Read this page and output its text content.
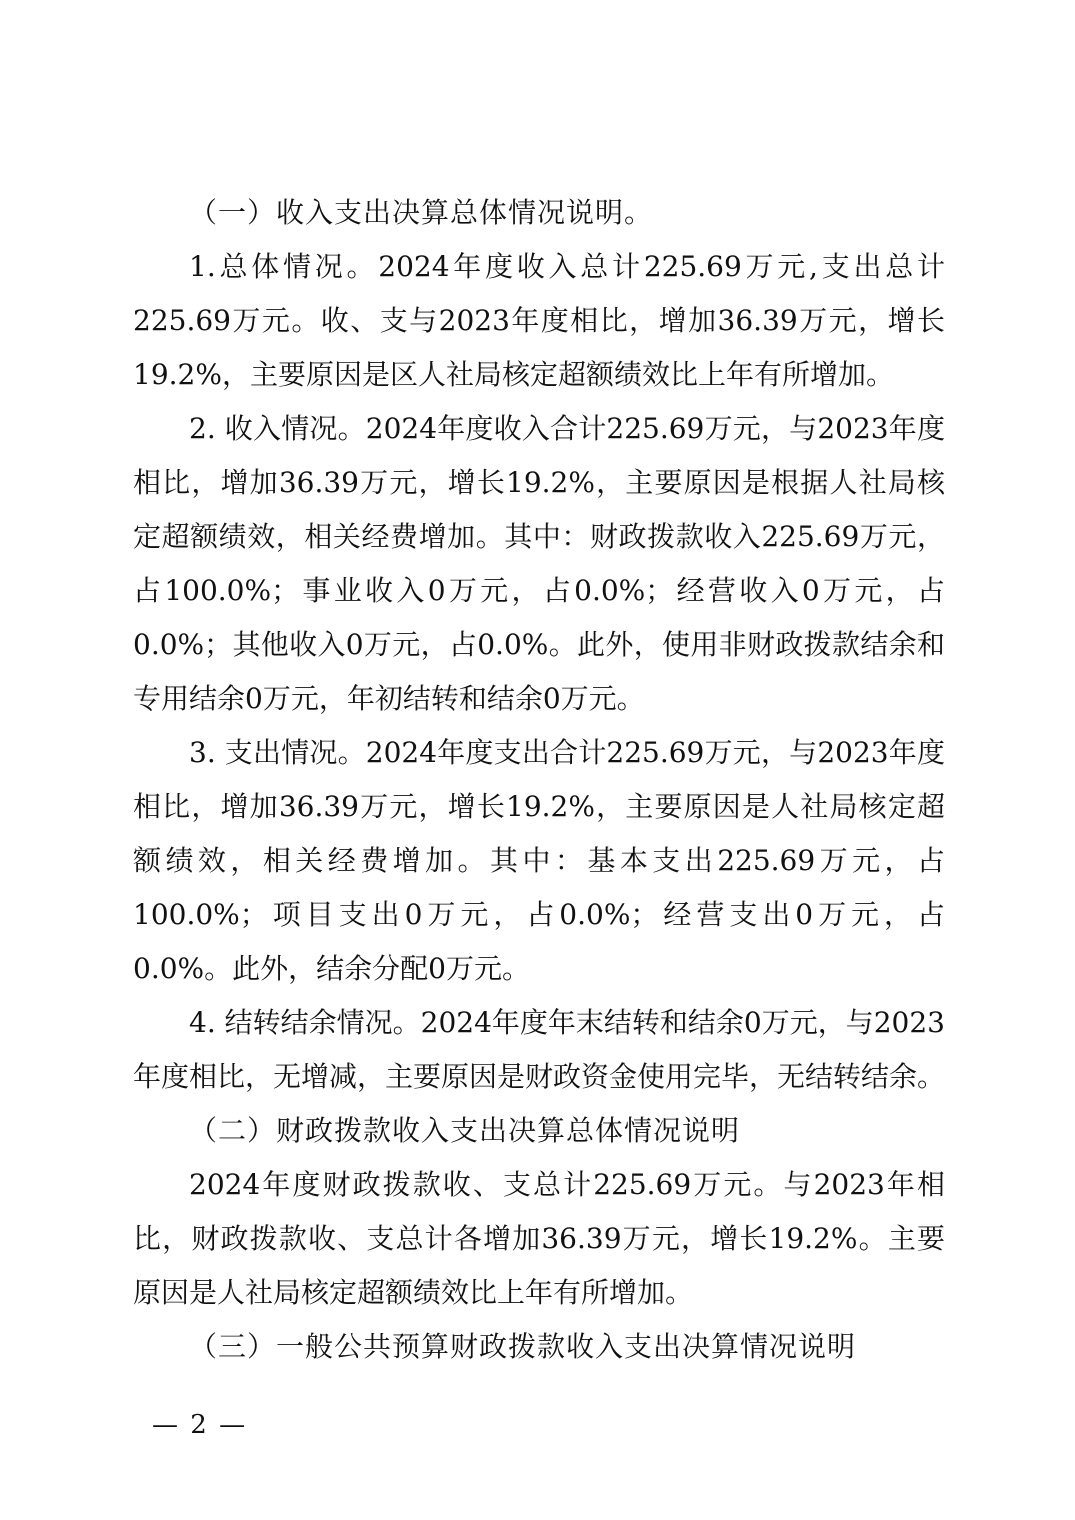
（一）收入支出决算总体情况说明。

1.总体情况。2024年度收入总计225.69万元,支出总计225.69万元。收、支与2023年度相比，增加36.39万元，增长19.2%，主要原因是区人社局核定超额绩效比上年有所增加。

2. 收入情况。2024年度收入合计225.69万元，与2023年度相比，增加36.39万元，增长19.2%，主要原因是根据人社局核定超额绩效，相关经费增加。其中：财政拨款收入225.69万元，占100.0%；事业收入0万元，占0.0%；经营收入0万元，占0.0%；其他收入0万元，占0.0%。此外，使用非财政拨款结余和专用结余0万元，年初结转和结余0万元。

3. 支出情况。2024年度支出合计225.69万元，与2023年度相比，增加36.39万元，增长19.2%，主要原因是人社局核定超额绩效，相关经费增加。其中：基本支出225.69万元，占100.0%；项目支出0万元，占0.0%；经营支出0万元，占0.0%。此外，结余分配0万元。

4. 结转结余情况。2024年度年末结转和结余0万元，与2023年度相比，无增减，主要原因是财政资金使用完毕，无结转结余。

（二）财政拨款收入支出决算总体情况说明

2024年度财政拨款收、支总计225.69万元。与2023年相比，财政拨款收、支总计各增加36.39万元，增长19.2%。主要原因是人社局核定超额绩效比上年有所增加。

（三）一般公共预算财政拨款收入支出决算情况说明

— 2 —
